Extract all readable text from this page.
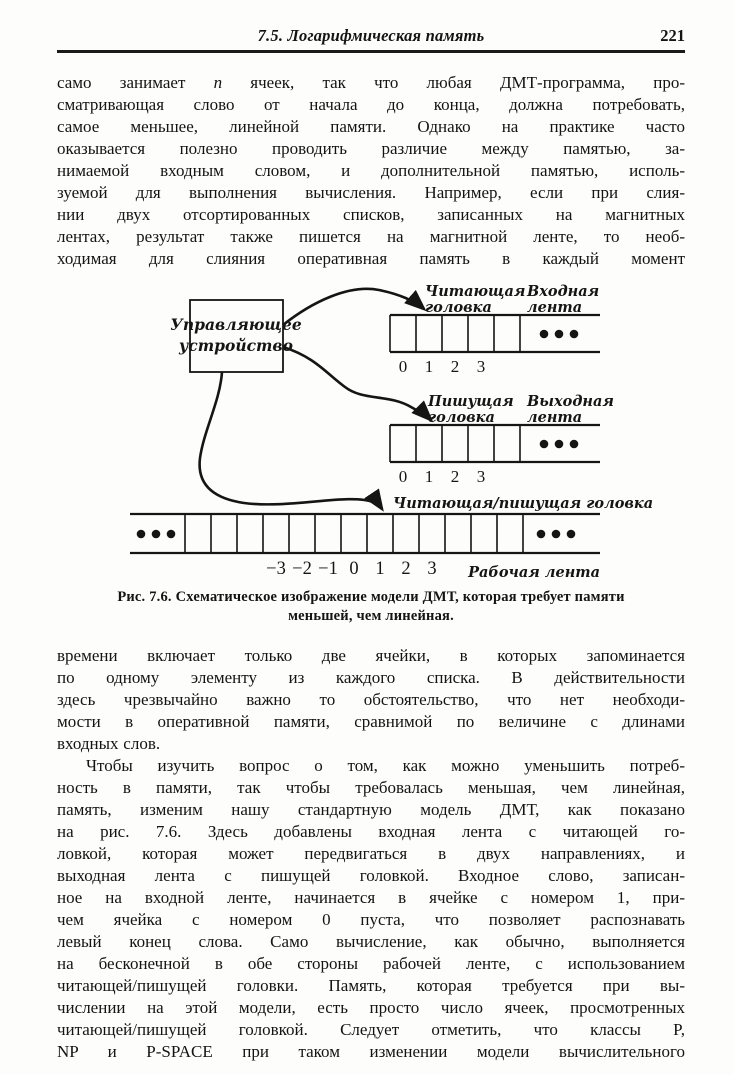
7.5. Логарифмическая память	221
само занимает n ячеек, так что любая ДМТ-программа, про-
сматривающая слово от начала до конца, должна потребовать,
самое меньшее, линейной памяти. Однако на практике часто
оказывается полезно проводить различие между памятью, за-
нимаемой входным словом, и дополнительной памятью, исполь-
зуемой для выполнения вычисления. Например, если при слия-
нии двух отсортированных списков, записанных на магнитных
лентах, результат также пишется на магнитной ленте, то необ-
ходимая для слияния оперативная память в каждый момент
Управляющее
устройство
Читающая
головка
Входная
лента
0 1 2 3
Пишущая
головка
Выходная
лента
0 1 2 3
Читающая/пишущая головка
−3 −2 −1 0 1 2 3 Рабочая лента
Рис. 7.6. Схематическое изображение модели ДМТ, которая требует памяти
меньшей, чем линейная.
времени включает только две ячейки, в которых запоминается
по одному элементу из каждого списка. В действительности
здесь чрезвычайно важно то обстоятельство, что нет необходи-
мости в оперативной памяти, сравнимой по величине с длинами
входных слов.
Чтобы изучить вопрос о том, как можно уменьшить потреб-
ность в памяти, так чтобы требовалась меньшая, чем линейная,
память, изменим нашу стандартную модель ДМТ, как показано
на рис. 7.6. Здесь добавлены входная лента с читающей го-
ловкой, которая может передвигаться в двух направлениях, и
выходная лента с пишущей головкой. Входное слово, записан-
ное на входной ленте, начинается в ячейке с номером 1, при-
чем ячейка с номером 0 пуста, что позволяет распознавать
левый конец слова. Само вычисление, как обычно, выполняется
на бесконечной в обе стороны рабочей ленте, с использованием
читающей/пишущей головки. Память, которая требуется при вы-
числении на этой модели, есть просто число ячеек, просмотренных
читающей/пишущей головкой. Следует отметить, что классы P,
NP и P-SPACE при таком изменении модели вычислительного
